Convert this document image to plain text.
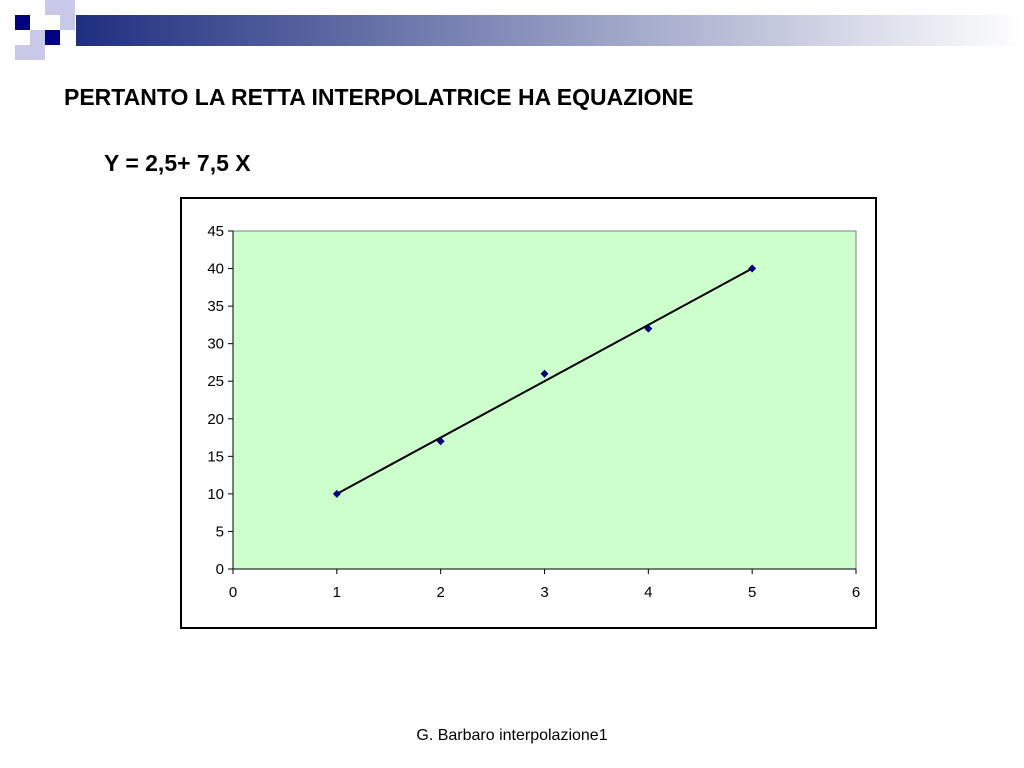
PERTANTO LA RETTA INTERPOLATRICE HA EQUAZIONE
Y = 2,5+ 7,5 X
0
5
10
15
20
25
30
35
40
45
0	1	2	3	4	5	6
G. Barbaro interpolazione1
